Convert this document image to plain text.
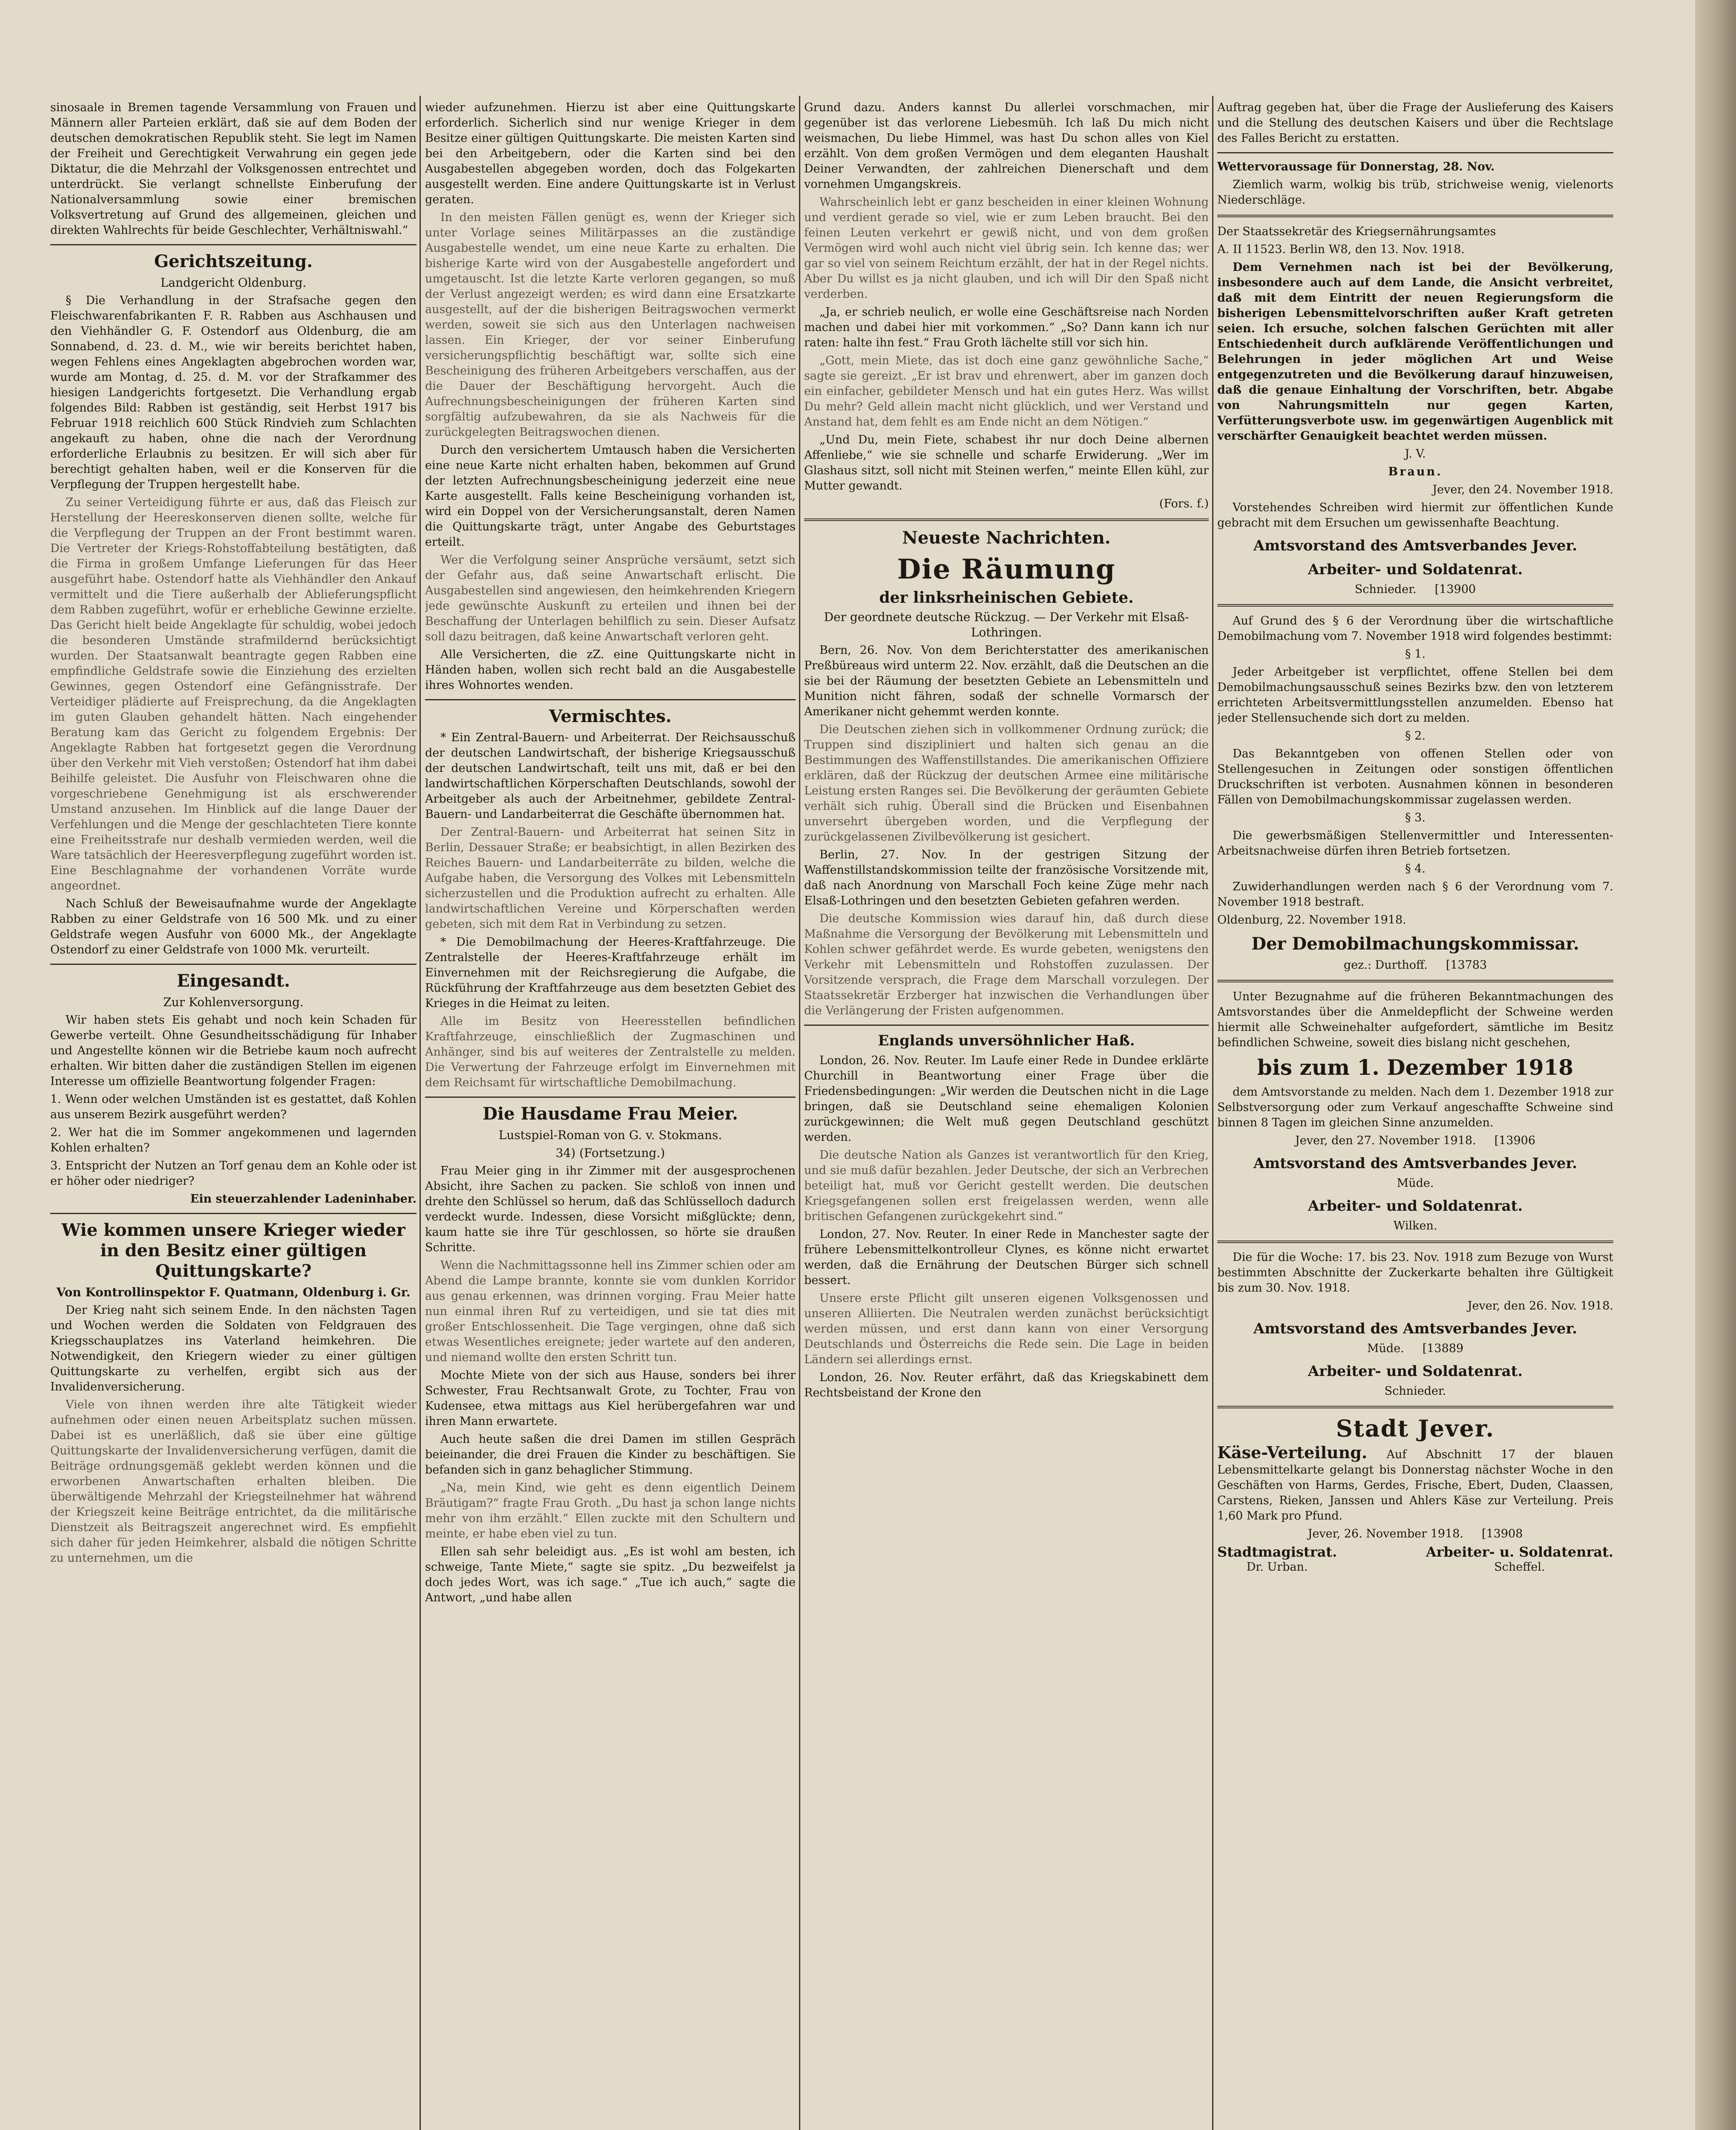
sinosaale in Bremen tagende Versammlung von Frauen und Männern aller Parteien erklärt, daß sie auf dem Boden der deutschen demokratischen Republik steht. Sie legt im Namen der Freiheit und Gerechtigkeit Verwahrung ein gegen jede Diktatur, die die Mehrzahl der Volksgenossen entrechtet und unterdrückt. Sie verlangt schnellste Einberufung der Nationalversammlung sowie einer bremischen Volksvertretung auf Grund des allgemeinen, gleichen und direkten Wahlrechts für beide Geschlechter, Verhältniswahl.“

Gerichtszeitung.
Landgericht Oldenburg.

§ Die Verhandlung in der Strafsache gegen den Fleischwarenfabrikanten F. R. Rabben aus Aschhausen und den Viehhändler G. F. Ostendorf aus Oldenburg, die am Sonnabend, d. 23. d. M., wie wir bereits berichtet haben, wegen Fehlens eines Angeklagten abgebrochen worden war, wurde am Montag, d. 25. d. M. vor der Strafkammer des hiesigen Landgerichts fortgesetzt. Die Verhandlung ergab folgendes Bild: Rabben ist geständig, seit Herbst 1917 bis Februar 1918 reichlich 600 Stück Rindvieh zum Schlachten angekauft zu haben, ohne die nach der Verordnung erforderliche Erlaubnis zu besitzen. Er will sich aber für berechtigt gehalten haben, weil er die Konserven für die Verpflegung der Truppen hergestellt habe.

Zu seiner Verteidigung führte er aus, daß das Fleisch zur Herstellung der Heereskonserven dienen sollte, welche für die Verpflegung der Truppen an der Front bestimmt waren. Die Vertreter der Kriegs-Rohstoffabteilung bestätigten, daß die Firma in großem Umfange Lieferungen für das Heer ausgeführt habe. Ostendorf hatte als Viehhändler den Ankauf vermittelt und die Tiere außerhalb der Ablieferungspflicht dem Rabben zugeführt, wofür er erhebliche Gewinne erzielte. Das Gericht hielt beide Angeklagte für schuldig, wobei jedoch die besonderen Umstände strafmildernd berücksichtigt wurden. Der Staatsanwalt beantragte gegen Rabben eine empfindliche Geldstrafe sowie die Einziehung des erzielten Gewinnes, gegen Ostendorf eine Gefängnisstrafe. Der Verteidiger plädierte auf Freisprechung, da die Angeklagten im guten Glauben gehandelt hätten. Nach eingehender Beratung kam das Gericht zu folgendem Ergebnis: Der Angeklagte Rabben hat fortgesetzt gegen die Verordnung über den Verkehr mit Vieh verstoßen; Ostendorf hat ihm dabei Beihilfe geleistet. Die Ausfuhr von Fleischwaren ohne die vorgeschriebene Genehmigung ist als erschwerender Umstand anzusehen. Im Hinblick auf die lange Dauer der Verfehlungen und die Menge der geschlachteten Tiere konnte eine Freiheitsstrafe nur deshalb vermieden werden, weil die Ware tatsächlich der Heeresverpflegung zugeführt worden ist. Eine Beschlagnahme der vorhandenen Vorräte wurde angeordnet.

Nach Schluß der Beweisaufnahme wurde der Angeklagte Rabben zu einer Geldstrafe von 16 500 Mk. und zu einer Geldstrafe wegen Ausfuhr von 6000 Mk., der Angeklagte Ostendorf zu einer Geldstrafe von 1000 Mk. verurteilt.

Eingesandt.
Zur Kohlenversorgung.

Wir haben stets Eis gehabt und noch kein Schaden für Gewerbe verteilt. Ohne Gesundheitsschädigung für Inhaber und Angestellte können wir die Betriebe kaum noch aufrecht erhalten. Wir bitten daher die zuständigen Stellen im eigenen Interesse um offizielle Beantwortung folgender Fragen:

1. Wenn oder welchen Umständen ist es gestattet, daß Kohlen aus unserem Bezirk ausgeführt werden?

2. Wer hat die im Sommer angekommenen und lagernden Kohlen erhalten?

3. Entspricht der Nutzen an Torf genau dem an Kohle oder ist er höher oder niedriger?

Ein steuerzahlender Ladeninhaber.

Wie kommen unsere Krieger wieder in den Besitz einer gültigen Quittungskarte?
Von Kontrollinspektor F. Quatmann, Oldenburg i. Gr.

Der Krieg naht sich seinem Ende. In den nächsten Tagen und Wochen werden die Soldaten von Feldgrauen des Kriegsschauplatzes ins Vaterland heimkehren. Die Notwendigkeit, den Kriegern wieder zu einer gültigen Quittungskarte zu verhelfen, ergibt sich aus der Invalidenversicherung.

Viele von ihnen werden ihre alte Tätigkeit wieder aufnehmen oder einen neuen Arbeitsplatz suchen müssen. Dabei ist es unerläßlich, daß sie über eine gültige Quittungskarte der Invalidenversicherung verfügen, damit die Beiträge ordnungsgemäß geklebt werden können und die erworbenen Anwartschaften erhalten bleiben. Die überwältigende Mehrzahl der Kriegsteilnehmer hat während der Kriegszeit keine Beiträge entrichtet, da die militärische Dienstzeit als Beitragszeit angerechnet wird. Es empfiehlt sich daher für jeden Heimkehrer, alsbald die nötigen Schritte zu unternehmen, um die

wieder aufzunehmen. Hierzu ist aber eine Quittungskarte erforderlich. Sicherlich sind nur wenige Krieger in dem Besitze einer gültigen Quittungskarte. Die meisten Karten sind bei den Arbeitgebern, oder die Karten sind bei den Ausgabestellen abgegeben worden, doch das Folgekarten ausgestellt werden. Eine andere Quittungskarte ist in Verlust geraten.

In den meisten Fällen genügt es, wenn der Krieger sich unter Vorlage seines Militärpasses an die zuständige Ausgabestelle wendet, um eine neue Karte zu erhalten. Die bisherige Karte wird von der Ausgabestelle angefordert und umgetauscht. Ist die letzte Karte verloren gegangen, so muß der Verlust angezeigt werden; es wird dann eine Ersatzkarte ausgestellt, auf der die bisherigen Beitragswochen vermerkt werden, soweit sie sich aus den Unterlagen nachweisen lassen. Ein Krieger, der vor seiner Einberufung versicherungspflichtig beschäftigt war, sollte sich eine Bescheinigung des früheren Arbeitgebers verschaffen, aus der die Dauer der Beschäftigung hervorgeht. Auch die Aufrechnungsbescheinigungen der früheren Karten sind sorgfältig aufzubewahren, da sie als Nachweis für die zurückgelegten Beitragswochen dienen.

Durch den versichertem Umtausch haben die Versicherten eine neue Karte nicht erhalten haben, bekommen auf Grund der letzten Aufrechnungsbescheinigung jederzeit eine neue Karte ausgestellt. Falls keine Bescheinigung vorhanden ist, wird ein Doppel von der Versicherungsanstalt, deren Namen die Quittungskarte trägt, unter Angabe des Geburtstages erteilt.

Wer die Verfolgung seiner Ansprüche versäumt, setzt sich der Gefahr aus, daß seine Anwartschaft erlischt. Die Ausgabestellen sind angewiesen, den heimkehrenden Kriegern jede gewünschte Auskunft zu erteilen und ihnen bei der Beschaffung der Unterlagen behilflich zu sein. Dieser Aufsatz soll dazu beitragen, daß keine Anwartschaft verloren geht.

Alle Versicherten, die zZ. eine Quittungskarte nicht in Händen haben, wollen sich recht bald an die Ausgabestelle ihres Wohnortes wenden.

Vermischtes.

* Ein Zentral-Bauern- und Arbeiterrat. Der Reichsausschuß der deutschen Landwirtschaft, der bisherige Kriegsausschuß der deutschen Landwirtschaft, teilt uns mit, daß er bei den landwirtschaftlichen Körperschaften Deutschlands, sowohl der Arbeitgeber als auch der Arbeitnehmer, gebildete Zentral-Bauern- und Landarbeiterrat die Geschäfte übernommen hat.

Der Zentral-Bauern- und Arbeiterrat hat seinen Sitz in Berlin, Dessauer Straße; er beabsichtigt, in allen Bezirken des Reiches Bauern- und Landarbeiterräte zu bilden, welche die Aufgabe haben, die Versorgung des Volkes mit Lebensmitteln sicherzustellen und die Produktion aufrecht zu erhalten. Alle landwirtschaftlichen Vereine und Körperschaften werden gebeten, sich mit dem Rat in Verbindung zu setzen.

* Die Demobilmachung der Heeres-Kraftfahrzeuge. Die Zentralstelle der Heeres-Kraftfahrzeuge erhält im Einvernehmen mit der Reichsregierung die Aufgabe, die Rückführung der Kraftfahrzeuge aus dem besetzten Gebiet des Krieges in die Heimat zu leiten.

Alle im Besitz von Heeresstellen befindlichen Kraftfahrzeuge, einschließlich der Zugmaschinen und Anhänger, sind bis auf weiteres der Zentralstelle zu melden. Die Verwertung der Fahrzeuge erfolgt im Einvernehmen mit dem Reichsamt für wirtschaftliche Demobilmachung.

Die Hausdame Frau Meier.
Lustspiel-Roman von G. v. Stokmans.
34) (Fortsetzung.)

Frau Meier ging in ihr Zimmer mit der ausgesprochenen Absicht, ihre Sachen zu packen. Sie schloß von innen und drehte den Schlüssel so herum, daß das Schlüsselloch dadurch verdeckt wurde. Indessen, diese Vorsicht mißglückte; denn, kaum hatte sie ihre Tür geschlossen, so hörte sie draußen Schritte.

Wenn die Nachmittagssonne hell ins Zimmer schien oder am Abend die Lampe brannte, konnte sie vom dunklen Korridor aus genau erkennen, was drinnen vorging. Frau Meier hatte nun einmal ihren Ruf zu verteidigen, und sie tat dies mit großer Entschlossenheit. Die Tage vergingen, ohne daß sich etwas Wesentliches ereignete; jeder wartete auf den anderen, und niemand wollte den ersten Schritt tun.

Mochte Miete von der sich aus Hause, sonders bei ihrer Schwester, Frau Rechtsanwalt Grote, zu Tochter, Frau von Kudensee, etwa mittags aus Kiel herübergefahren war und ihren Mann erwartete.

Auch heute saßen die drei Damen im stillen Gespräch beieinander, die drei Frauen die Kinder zu beschäftigen. Sie befanden sich in ganz behaglicher Stimmung.

„Na, mein Kind, wie geht es denn eigentlich Deinem Bräutigam?“ fragte Frau Groth. „Du hast ja schon lange nichts mehr von ihm erzählt.“ Ellen zuckte mit den Schultern und meinte, er habe eben viel zu tun.

Ellen sah sehr beleidigt aus. „Es ist wohl am besten, ich schweige, Tante Miete,“ sagte sie spitz. „Du bezweifelst ja doch jedes Wort, was ich sage.“ „Tue ich auch,“ sagte die Antwort, „und habe allen

Grund dazu. Anders kannst Du allerlei vorschmachen, mir gegenüber ist das verlorene Liebesmüh. Ich laß Du mich nicht weismachen, Du liebe Himmel, was hast Du schon alles von Kiel erzählt. Von dem großen Vermögen und dem eleganten Haushalt Deiner Verwandten, der zahlreichen Dienerschaft und dem vornehmen Umgangskreis.

Wahrscheinlich lebt er ganz bescheiden in einer kleinen Wohnung und verdient gerade so viel, wie er zum Leben braucht. Bei den feinen Leuten verkehrt er gewiß nicht, und von dem großen Vermögen wird wohl auch nicht viel übrig sein. Ich kenne das; wer gar so viel von seinem Reichtum erzählt, der hat in der Regel nichts. Aber Du willst es ja nicht glauben, und ich will Dir den Spaß nicht verderben.

„Ja, er schrieb neulich, er wolle eine Geschäftsreise nach Norden machen und dabei hier mit vorkommen.“ „So? Dann kann ich nur raten: halte ihn fest.“ Frau Groth lächelte still vor sich hin.

„Gott, mein Miete, das ist doch eine ganz gewöhnliche Sache,“ sagte sie gereizt. „Er ist brav und ehrenwert, aber im ganzen doch ein einfacher, gebildeter Mensch und hat ein gutes Herz. Was willst Du mehr? Geld allein macht nicht glücklich, und wer Verstand und Anstand hat, dem fehlt es am Ende nicht an dem Nötigen.“

„Und Du, mein Fiete, schabest ihr nur doch Deine albernen Affenliebe,“ wie sie schnelle und scharfe Erwiderung. „Wer im Glashaus sitzt, soll nicht mit Steinen werfen,“ meinte Ellen kühl, zur Mutter gewandt.

(Fors. f.)

Neueste Nachrichten.
Die Räumung
der linksrheinischen Gebiete.
Der geordnete deutsche Rückzug. — Der Verkehr mit Elsaß-Lothringen.

Bern, 26. Nov. Von dem Berichterstatter des amerikanischen Preßbüreaus wird unterm 22. Nov. erzählt, daß die Deutschen an die sie bei der Räumung der besetzten Gebiete an Lebensmitteln und Munition nicht fähren, sodaß der schnelle Vormarsch der Amerikaner nicht gehemmt werden konnte.

Die Deutschen ziehen sich in vollkommener Ordnung zurück; die Truppen sind diszipliniert und halten sich genau an die Bestimmungen des Waffenstillstandes. Die amerikanischen Offiziere erklären, daß der Rückzug der deutschen Armee eine militärische Leistung ersten Ranges sei. Die Bevölkerung der geräumten Gebiete verhält sich ruhig. Überall sind die Brücken und Eisenbahnen unversehrt übergeben worden, und die Verpflegung der zurückgelassenen Zivilbevölkerung ist gesichert.

Berlin, 27. Nov. In der gestrigen Sitzung der Waffenstillstandskommission teilte der französische Vorsitzende mit, daß nach Anordnung von Marschall Foch keine Züge mehr nach Elsaß-Lothringen und den besetzten Gebieten gefahren werden.

Die deutsche Kommission wies darauf hin, daß durch diese Maßnahme die Versorgung der Bevölkerung mit Lebensmitteln und Kohlen schwer gefährdet werde. Es wurde gebeten, wenigstens den Verkehr mit Lebensmitteln und Rohstoffen zuzulassen. Der Vorsitzende versprach, die Frage dem Marschall vorzulegen. Der Staatssekretär Erzberger hat inzwischen die Verhandlungen über die Verlängerung der Fristen aufgenommen.

Englands unversöhnlicher Haß.

London, 26. Nov. Reuter. Im Laufe einer Rede in Dundee erklärte Churchill in Beantwortung einer Frage über die Friedensbedingungen: „Wir werden die Deutschen nicht in die Lage bringen, daß sie Deutschland seine ehemaligen Kolonien zurückgewinnen; die Welt muß gegen Deutschland geschützt werden.

Die deutsche Nation als Ganzes ist verantwortlich für den Krieg, und sie muß dafür bezahlen. Jeder Deutsche, der sich an Verbrechen beteiligt hat, muß vor Gericht gestellt werden. Die deutschen Kriegsgefangenen sollen erst freigelassen werden, wenn alle britischen Gefangenen zurückgekehrt sind.“

London, 27. Nov. Reuter. In einer Rede in Manchester sagte der frühere Lebensmittelkontrolleur Clynes, es könne nicht erwartet werden, daß die Ernährung der Deutschen Bürger sich schnell bessert.

Unsere erste Pflicht gilt unseren eigenen Volksgenossen und unseren Alliierten. Die Neutralen werden zunächst berücksichtigt werden müssen, und erst dann kann von einer Versorgung Deutschlands und Österreichs die Rede sein. Die Lage in beiden Ländern sei allerdings ernst.

London, 26. Nov. Reuter erfährt, daß das Kriegskabinett dem Rechtsbeistand der Krone den

Auftrag gegeben hat, über die Frage der Auslieferung des Kaisers und die Stellung des deutschen Kaisers und über die Rechtslage des Falles Bericht zu erstatten.

Wettervoraussage für Donnerstag, 28. Nov.

Ziemlich warm, wolkig bis trüb, strichweise wenig, vielenorts Niederschläge.

Der Staatssekretär des Kriegsernährungsamtes

A. II 11523. Berlin W8, den 13. Nov. 1918.

Dem Vernehmen nach ist bei der Bevölkerung, insbesondere auch auf dem Lande, die Ansicht verbreitet, daß mit dem Eintritt der neuen Regierungsform die bisherigen Lebensmittelvorschriften außer Kraft getreten seien. Ich ersuche, solchen falschen Gerüchten mit aller Entschiedenheit durch aufklärende Veröffentlichungen und Belehrungen in jeder möglichen Art und Weise entgegenzutreten und die Bevölkerung darauf hinzuweisen, daß die genaue Einhaltung der Vorschriften, betr. Abgabe von Nahrungsmitteln nur gegen Karten, Verfütterungsverbote usw. im gegenwärtigen Augenblick mit verschärfter Genauigkeit beachtet werden müssen.

J. V.

Braun.

Jever, den 24. November 1918.

Vorstehendes Schreiben wird hiermit zur öffentlichen Kunde gebracht mit dem Ersuchen um gewissenhafte Beachtung.

Amtsvorstand des Amtsverbandes Jever.
Arbeiter- und Soldatenrat.

Schnieder. [13900

Auf Grund des § 6 der Verordnung über die wirtschaftliche Demobilmachung vom 7. November 1918 wird folgendes bestimmt:

§ 1.

Jeder Arbeitgeber ist verpflichtet, offene Stellen bei dem Demobilmachungsausschuß seines Bezirks bzw. den von letzterem errichteten Arbeitsvermittlungsstellen anzumelden. Ebenso hat jeder Stellensuchende sich dort zu melden.

§ 2.

Das Bekanntgeben von offenen Stellen oder von Stellengesuchen in Zeitungen oder sonstigen öffentlichen Druckschriften ist verboten. Ausnahmen können in besonderen Fällen von Demobilmachungskommissar zugelassen werden.

§ 3.

Die gewerbsmäßigen Stellenvermittler und Interessenten-Arbeitsnachweise dürfen ihren Betrieb fortsetzen.

§ 4.

Zuwiderhandlungen werden nach § 6 der Verordnung vom 7. November 1918 bestraft.

Oldenburg, 22. November 1918.

Der Demobilmachungskommissar.

gez.: Durthoff. [13783

Unter Bezugnahme auf die früheren Bekanntmachungen des Amtsvorstandes über die Anmeldepflicht der Schweine werden hiermit alle Schweinehalter aufgefordert, sämtliche im Besitz befindlichen Schweine, soweit dies bislang nicht geschehen,

bis zum 1. Dezember 1918

dem Amtsvorstande zu melden. Nach dem 1. Dezember 1918 zur Selbstversorgung oder zum Verkauf angeschaffte Schweine sind binnen 8 Tagen im gleichen Sinne anzumelden.

Jever, den 27. November 1918. [13906

Amtsvorstand des Amtsverbandes Jever.

Müde.

Arbeiter- und Soldatenrat.

Wilken.

Die für die Woche: 17. bis 23. Nov. 1918 zum Bezuge von Wurst bestimmten Abschnitte der Zuckerkarte behalten ihre Gültigkeit bis zum 30. Nov. 1918.

Jever, den 26. Nov. 1918.

Amtsvorstand des Amtsverbandes Jever.

Müde. [13889

Arbeiter- und Soldatenrat.

Schnieder.

Stadt Jever.

Käse-Verteilung. Auf Abschnitt 17 der blauen Lebensmittelkarte gelangt bis Donnerstag nächster Woche in den Geschäften von Harms, Gerdes, Frische, Ebert, Duden, Claassen, Carstens, Rieken, Janssen und Ahlers Käse zur Verteilung. Preis 1,60 Mark pro Pfund.

Jever, 26. November 1918. [13908

Stadtmagistrat.
Dr. Urban.
Arbeiter- u. Soldatenrat.
Scheffel.
